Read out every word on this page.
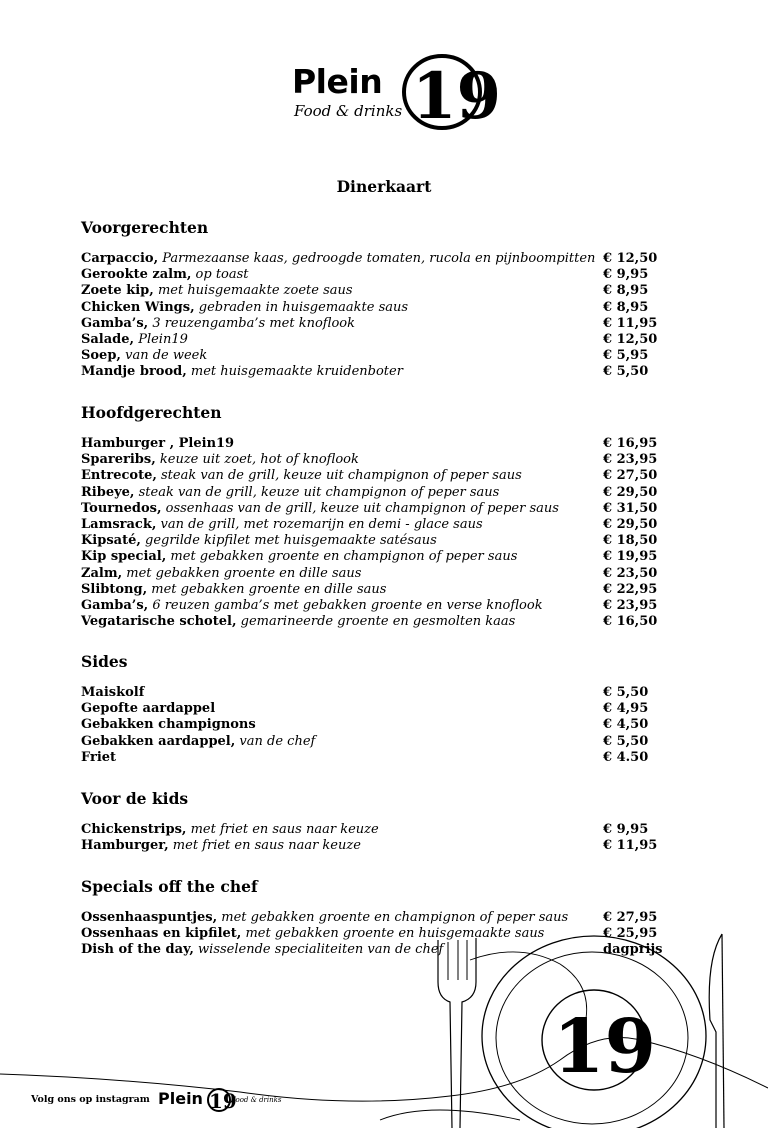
Plein
Food & drinks 19
Dinerkaart
Voorgerechten
Carpaccio, Parmezaanse kaas, gedroogde tomaten, rucola en pijnboompitten € 12,50
Gerookte zalm, op toast	€ 9,95
Zoete kip, met huisgemaakte zoete saus	€ 8,95
Chicken Wings, gebraden in huisgemaakte saus	€ 8,95
Gamba’s, 3 reuzengamba’s met knoflook	€ 11,95
Salade, Plein19	€ 12,50
Soep, van de week	€ 5,95
Mandje brood, met huisgemaakte kruidenboter	€ 5,50
Hoofdgerechten
Hamburger , Plein19	€ 16,95
Spareribs, keuze uit zoet, hot of knoflook	€ 23,95
Entrecote, steak van de grill, keuze uit champignon of peper saus	€ 27,50
Ribeye, steak van de grill, keuze uit champignon of peper saus	€ 29,50
Tournedos, ossenhaas van de grill, keuze uit champignon of peper saus	€ 31,50
Lamsrack, van de grill, met rozemarijn en demi - glace saus	€ 29,50
Kipsaté, gegrilde kipfilet met huisgemaakte satésaus	€ 18,50
Kip special, met gebakken groente en champignon of peper saus	€ 19,95
Zalm, met gebakken groente en dille saus	€ 23,50
Slibtong, met gebakken groente en dille saus	€ 22,95
Gamba’s, 6 reuzen gamba’s met gebakken groente en verse knoflook	€ 23,95
Vegatarische schotel, gemarineerde groente en gesmolten kaas	€ 16,50
Sides
Maiskolf	€ 5,50
Gepofte aardappel	€ 4,95
Gebakken champignons	€ 4,50
Gebakken aardappel, van de chef	€ 5,50
Friet	€ 4.50
Voor de kids
Chickenstrips, met friet en saus naar keuze	€ 9,95
Hamburger, met friet en saus naar keuze	€ 11,95
Specials off the chef
Ossenhaaspuntjes, met gebakken groente en champignon of peper saus	€ 27,95
Ossenhaas en kipfilet, met gebakken groente en huisgemaakte saus	€ 25,95
Dish of the day, wisselende specialiteiten van de chef	dagprijs
19
Volg ons op instagram Plein 19
Food & drinks
